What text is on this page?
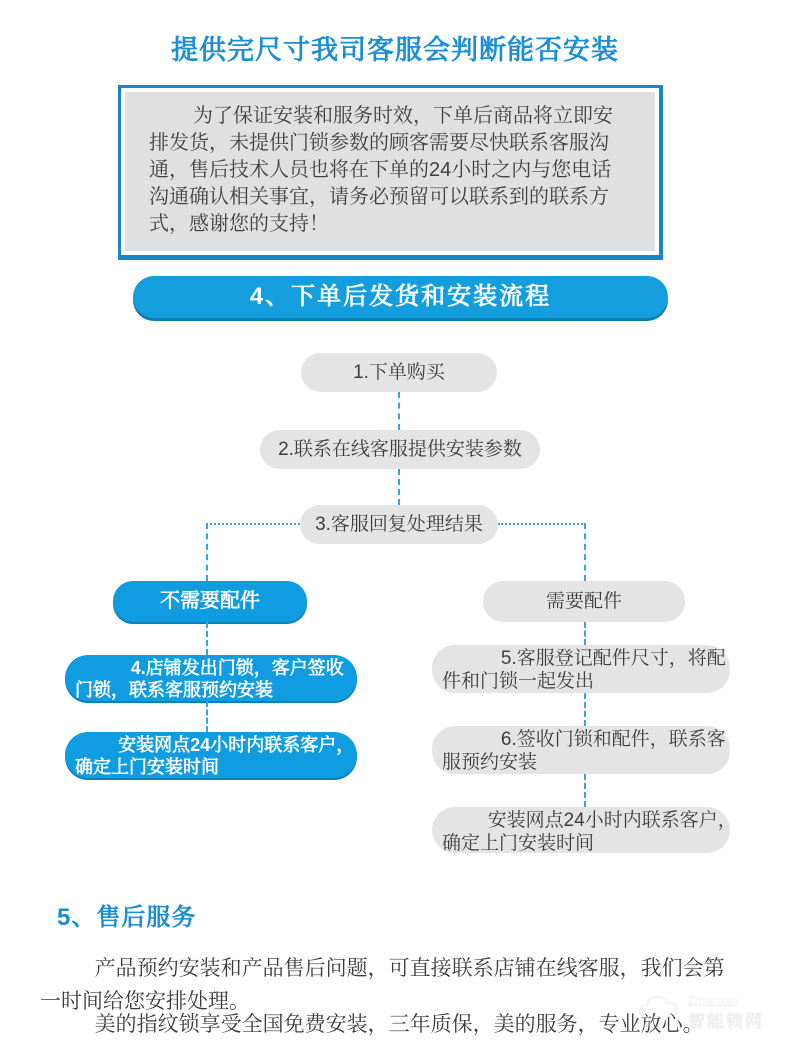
提供完尺寸我司客服会判断能否安装
为了保证安装和服务时效，下单后商品将立即安
排发货，未提供门锁参数的顾客需要尽快联系客服沟
通，售后技术人员也将在下单的24小时之内与您电话
沟通确认相关事宜，请务必预留可以联系到的联系方
式，感谢您的支持！
4、下单后发货和安装流程
1.下单购买
2.联系在线客服提供安装参数
3.客服回复处理结果
不需要配件	需要配件
4.店铺发出门锁，客户签收
门锁，联系客服预约安装
安装网点24小时内联系客户，
确定上门安装时间
5.客服登记配件尺寸，将配
件和门锁一起发出
6.签收门锁和配件，联系客
服预约安装
安装网点24小时内联系客户，
确定上门安装时间
5、售后服务
产品预约安装和产品售后问题，可直接联系店铺在线客服，我们会第
一时间给您安排处理。
美的指纹锁享受全国免费安装，三年质保，美的服务，专业放心。
Znsw.com
智能锁网
